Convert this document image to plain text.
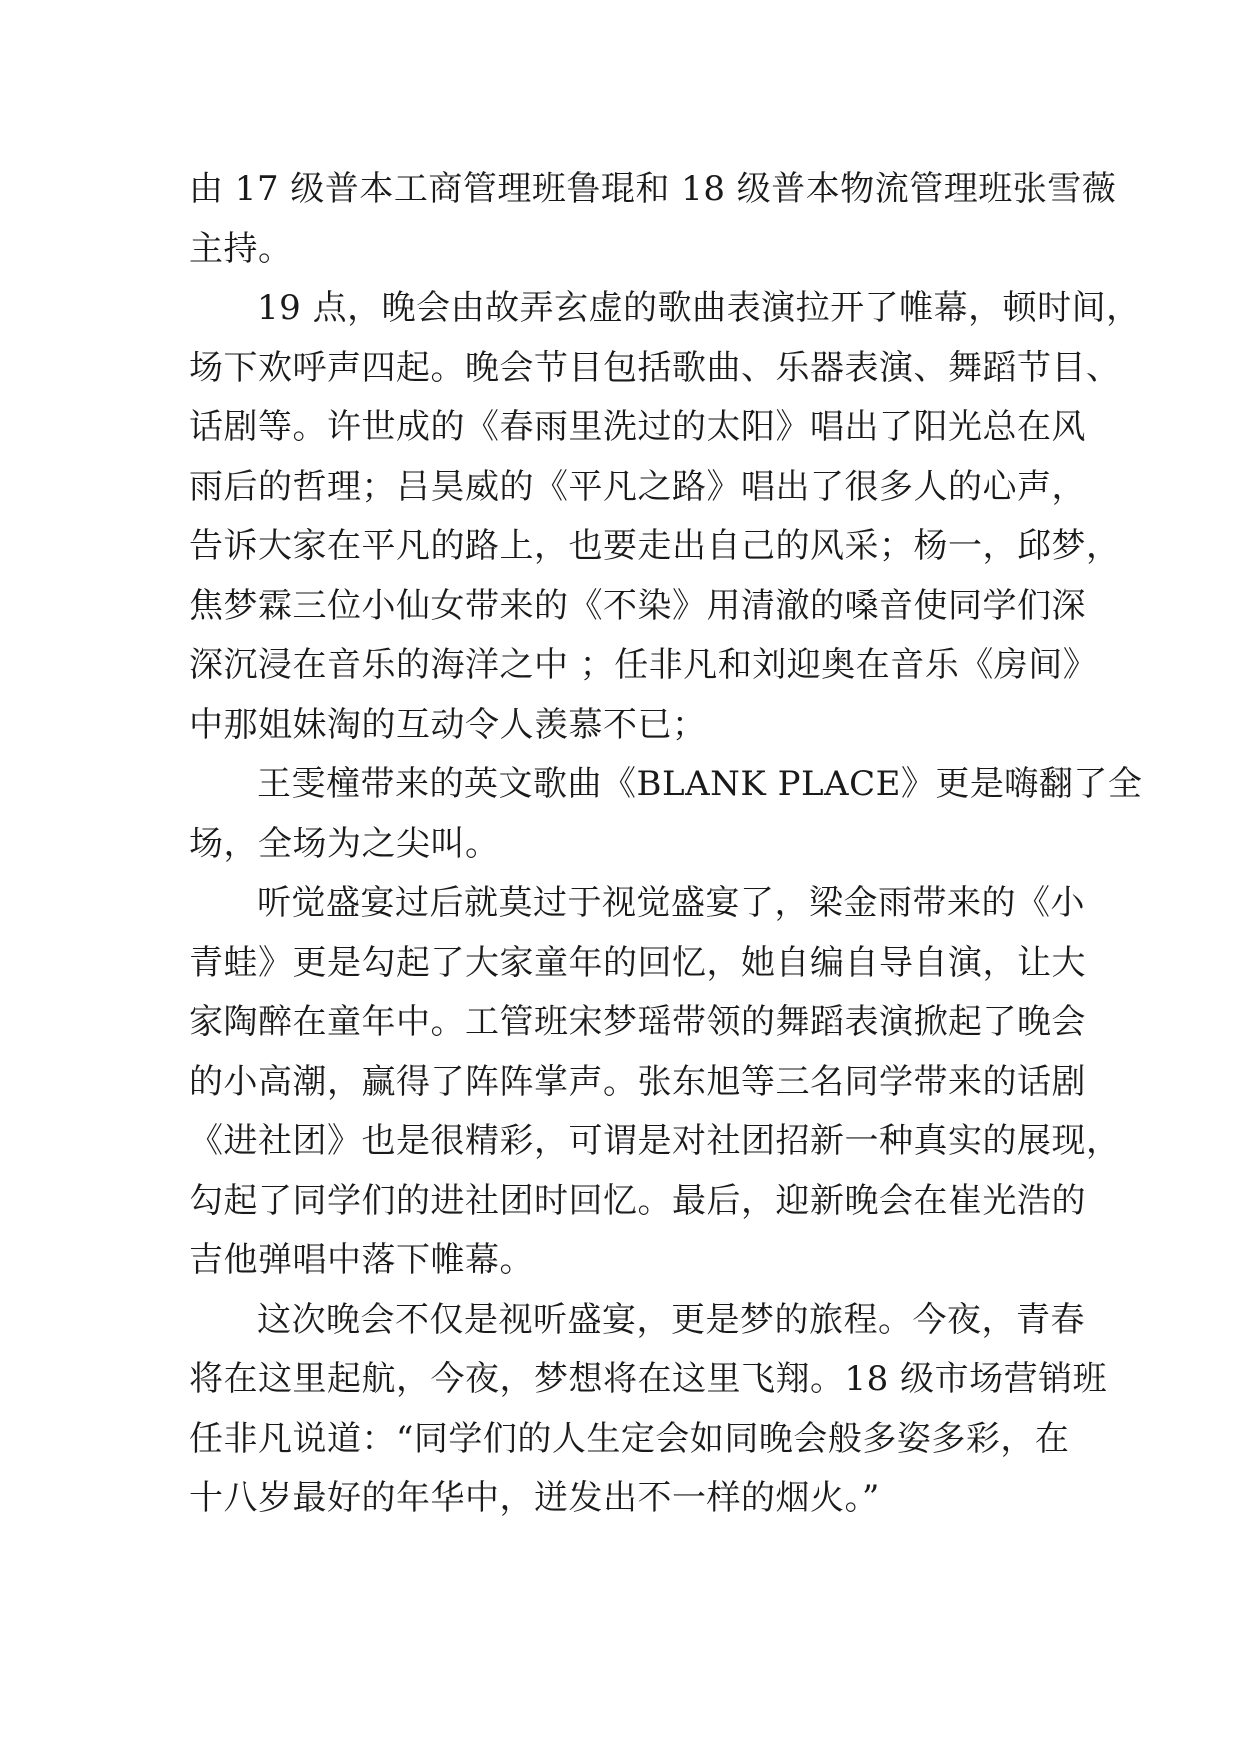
由 17 级普本工商管理班鲁琨和 18 级普本物流管理班张雪薇
主持。
19 点，晚会由故弄玄虚的歌曲表演拉开了帷幕，顿时间，
场下欢呼声四起。晚会节目包括歌曲、乐器表演、舞蹈节目、
话剧等。许世成的《春雨里洗过的太阳》唱出了阳光总在风
雨后的哲理；吕昊威的《平凡之路》唱出了很多人的心声，
告诉大家在平凡的路上，也要走出自己的风采；杨一，邱梦，
焦梦霖三位小仙女带来的《不染》用清澈的嗓音使同学们深
深沉浸在音乐的海洋之中 ；任非凡和刘迎奥在音乐《房间》
中那姐妹淘的互动令人羡慕不已；
王雯橦带来的英文歌曲《BLANK PLACE》更是嗨翻了全
场，全场为之尖叫。
听觉盛宴过后就莫过于视觉盛宴了，梁金雨带来的《小
青蛙》更是勾起了大家童年的回忆，她自编自导自演，让大
家陶醉在童年中。工管班宋梦瑶带领的舞蹈表演掀起了晚会
的小高潮，赢得了阵阵掌声。张东旭等三名同学带来的话剧
《进社团》也是很精彩，可谓是对社团招新一种真实的展现，
勾起了同学们的进社团时回忆。最后，迎新晚会在崔光浩的
吉他弹唱中落下帷幕。
这次晚会不仅是视听盛宴，更是梦的旅程。今夜，青春
将在这里起航，今夜，梦想将在这里飞翔。18 级市场营销班
任非凡说道：“同学们的人生定会如同晚会般多姿多彩，在
十八岁最好的年华中，迸发出不一样的烟火。”
